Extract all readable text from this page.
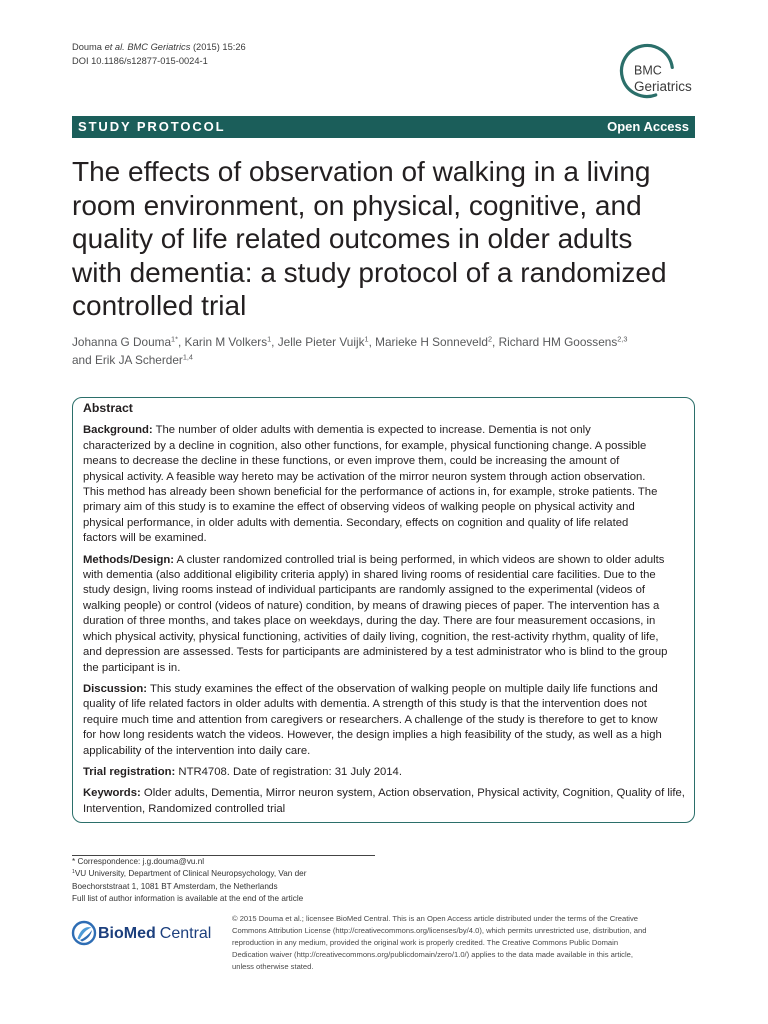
Douma et al. BMC Geriatrics (2015) 15:26
DOI 10.1186/s12877-015-0024-1
BMC
Geriatrics
STUDY PROTOCOL	Open Access
The effects of observation of walking in a living
room environment, on physical, cognitive, and
quality of life related outcomes in older adults
with dementia: a study protocol of a randomized
controlled trial
Johanna G Douma$^{1*}$, Karin M Volkers$^1$, Jelle Pieter Vuijk$^1$, Marieke H Sonneveld$^2$, Richard HM Goossens$^{2,3}$
and Erik JA Scherder$^{1,4}$
Abstract
Background: The number of older adults with dementia is expected to increase. Dementia is not only
characterized by a decline in cognition, also other functions, for example, physical functioning change. A possible
means to decrease the decline in these functions, or even improve them, could be increasing the amount of
physical activity. A feasible way hereto may be activation of the mirror neuron system through action observation.
This method has already been shown beneficial for the performance of actions in, for example, stroke patients. The
primary aim of this study is to examine the effect of observing videos of walking people on physical activity and
physical performance, in older adults with dementia. Secondary, effects on cognition and quality of life related
factors will be examined.
Methods/Design: A cluster randomized controlled trial is being performed, in which videos are shown to older adults
with dementia (also additional eligibility criteria apply) in shared living rooms of residential care facilities. Due to the
study design, living rooms instead of individual participants are randomly assigned to the experimental (videos of
walking people) or control (videos of nature) condition, by means of drawing pieces of paper. The intervention has a
duration of three months, and takes place on weekdays, during the day. There are four measurement occasions, in
which physical activity, physical functioning, activities of daily living, cognition, the rest-activity rhythm, quality of life,
and depression are assessed. Tests for participants are administered by a test administrator who is blind to the group
the participant is in.
Discussion: This study examines the effect of the observation of walking people on multiple daily life functions and
quality of life related factors in older adults with dementia. A strength of this study is that the intervention does not
require much time and attention from caregivers or researchers. A challenge of the study is therefore to get to know
for how long residents watch the videos. However, the design implies a high feasibility of the study, as well as a high
applicability of the intervention into daily care.
Trial registration: NTR4708. Date of registration: 31 July 2014.
Keywords: Older adults, Dementia, Mirror neuron system, Action observation, Physical activity, Cognition, Quality of life,
Intervention, Randomized controlled trial
* Correspondence: j.g.douma@vu.nl
$^1$VU University, Department of Clinical Neuropsychology, Van der
Boechorststraat 1, 1081 BT Amsterdam, the Netherlands
Full list of author information is available at the end of the article
BioMed Central
© 2015 Douma et al.; licensee BioMed Central. This is an Open Access article distributed under the terms of the Creative
Commons Attribution License (http://creativecommons.org/licenses/by/4.0), which permits unrestricted use, distribution, and
reproduction in any medium, provided the original work is properly credited. The Creative Commons Public Domain
Dedication waiver (http://creativecommons.org/publicdomain/zero/1.0/) applies to the data made available in this article,
unless otherwise stated.
